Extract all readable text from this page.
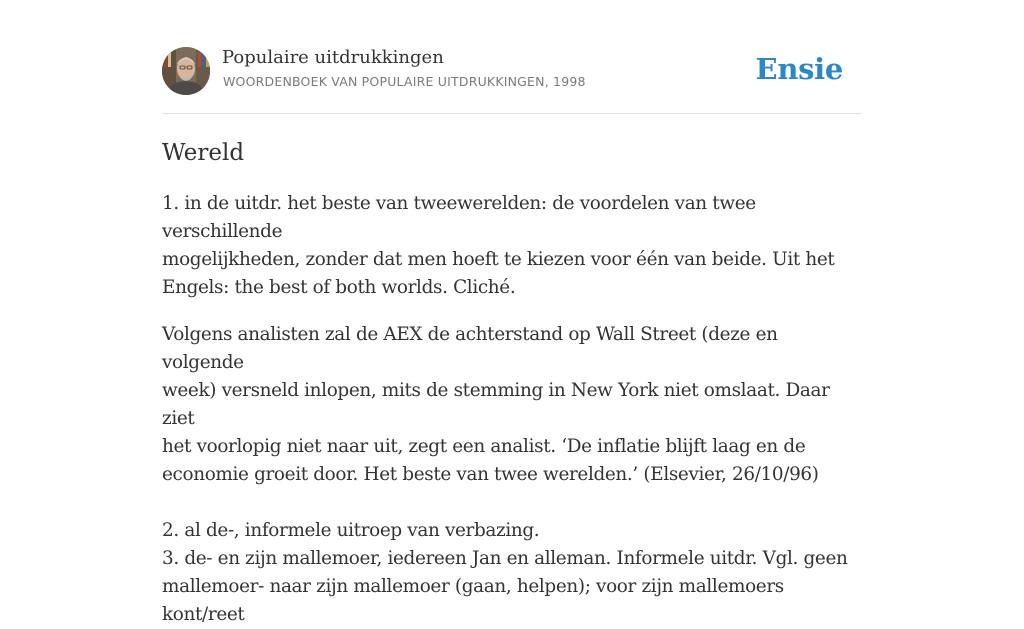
Populaire uitdrukkingen
WOORDENBOEK VAN POPULAIRE UITDRUKKINGEN, 1998	Ensie
Wereld

1. in de uitdr. het beste van tweewerelden: de voordelen van twee verschillende
mogelijkheden, zonder dat men hoeft te kiezen voor één van beide. Uit het
Engels: the best of both worlds. Cliché.

Volgens analisten zal de AEX de achterstand op Wall Street (deze en volgende
week) versneld inlopen, mits de stemming in New York niet omslaat. Daar ziet
het voorlopig niet naar uit, zegt een analist. ‘De inflatie blijft laag en de
economie groeit door. Het beste van twee werelden.’ (Elsevier, 26/10/96)

2. al de-, informele uitroep van verbazing.
3. de- en zijn mallemoer, iedereen Jan en alleman. Informele uitdr. Vgl. geen
mallemoer- naar zijn mallemoer (gaan, helpen); voor zijn mallemoers kont/reet
